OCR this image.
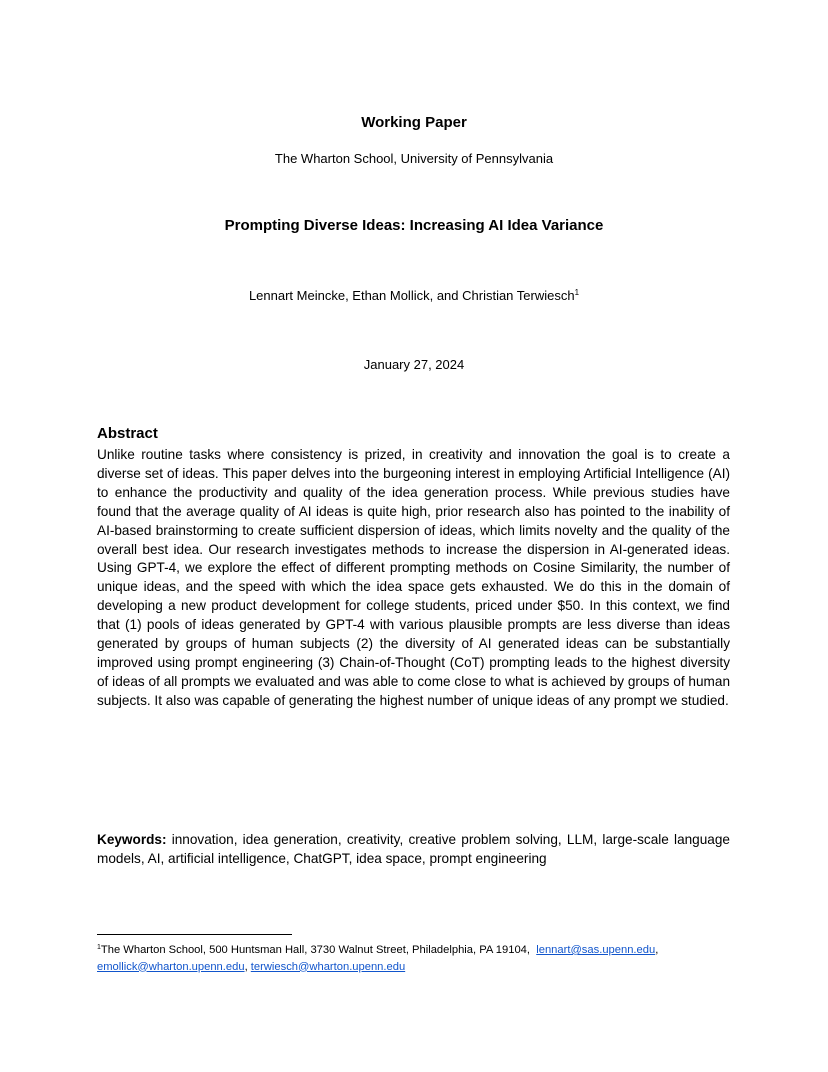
Working Paper
The Wharton School, University of Pennsylvania
Prompting Diverse Ideas: Increasing AI Idea Variance
Lennart Meincke, Ethan Mollick, and Christian Terwiesch$^1$
January 27, 2024
Abstract
Unlike routine tasks where consistency is prized, in creativity and innovation the goal is to create a diverse set of ideas. This paper delves into the burgeoning interest in employing Artificial Intelligence (AI) to enhance the productivity and quality of the idea generation process. While previous studies have found that the average quality of AI ideas is quite high, prior research also has pointed to the inability of AI-based brainstorming to create sufficient dispersion of ideas, which limits novelty and the quality of the overall best idea. Our research investigates methods to increase the dispersion in AI-generated ideas. Using GPT-4, we explore the effect of different prompting methods on Cosine Similarity, the number of unique ideas, and the speed with which the idea space gets exhausted. We do this in the domain of developing a new product development for college students, priced under $50. In this context, we find that (1) pools of ideas generated by GPT-4 with various plausible prompts are less diverse than ideas generated by groups of human subjects (2) the diversity of AI generated ideas can be substantially improved using prompt engineering (3) Chain-of-Thought (CoT) prompting leads to the highest diversity of ideas of all prompts we evaluated and was able to come close to what is achieved by groups of human subjects. It also was capable of generating the highest number of unique ideas of any prompt we studied.
Keywords: innovation, idea generation, creativity, creative problem solving, LLM, large-scale language models, AI, artificial intelligence, ChatGPT, idea space, prompt engineering
$^1$The Wharton School, 500 Huntsman Hall, 3730 Walnut Street, Philadelphia, PA 19104, lennart@sas.upenn.edu, emollick@wharton.upenn.edu, terwiesch@wharton.upenn.edu
